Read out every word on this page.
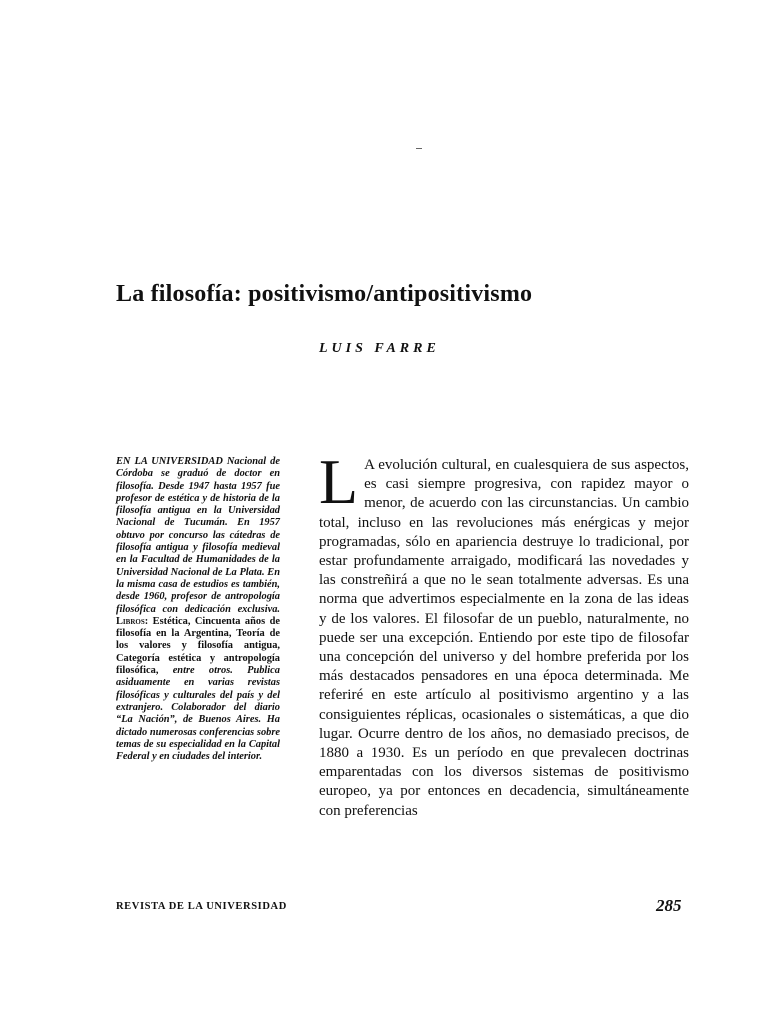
La filosofía: positivismo/antipositivismo

LUIS FARRE

EN LA UNIVERSIDAD Nacional de Córdoba se graduó de doctor en filosofía. Desde 1947 hasta 1957 fue profesor de estética y de historia de la filosofía antigua en la Universidad Nacional de Tucumán. En 1957 obtuvo por concurso las cátedras de filosofía antigua y filosofía medieval en la Facultad de Humanidades de la Universidad Nacional de La Plata. En la misma casa de estudios es también, desde 1960, profesor de antropología filosófica con dedicación exclusiva. Libros: Estética, Cincuenta años de filosofía en la Argentina, Teoría de los valores y filosofía antigua, Categoría estética y antropología filosófica, entre otros. Publica asiduamente en varias revistas filosóficas y culturales del país y del extranjero. Colaborador del diario “La Nación”, de Buenos Aires. Ha dictado numerosas conferencias sobre temas de su especialidad en la Capital Federal y en ciudades del interior.

L A evolución cultural, en cualesquiera de sus aspectos, es casi siempre progresiva, con rapidez mayor o menor, de acuerdo con las circunstancias. Un cambio total, incluso en las revoluciones más enérgicas y mejor programadas, sólo en apariencia destruye lo tradicional, por estar profundamente arraigado, modificará las novedades y las constreñirá a que no le sean totalmente adversas. Es una norma que advertimos especialmente en la zona de las ideas y de los valores. El filosofar de un pueblo, naturalmente, no puede ser una excepción. Entiendo por este tipo de filosofar una concepción del universo y del hombre preferida por los más destacados pensadores en una época determinada. Me referiré en este artículo al positivismo argentino y a las consiguientes réplicas, ocasionales o sistemáticas, a que dio lugar. Ocurre dentro de los años, no demasiado precisos, de 1880 a 1930. Es un período en que prevalecen doctrinas emparentadas con los diversos sistemas de positivismo europeo, ya por entonces en decadencia, simultáneamente con preferencias

REVISTA DE LA UNIVERSIDAD	285
